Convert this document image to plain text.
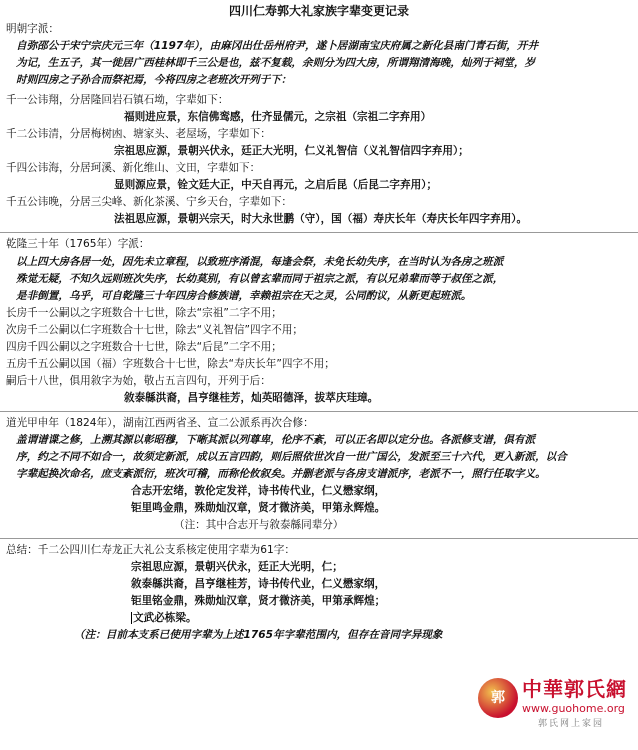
四川仁寿郭大礼家族字辈变更记录
明朝字派：
自弥邵公于宋宁宗庆元三年（1197年），由麻冈出仕岳州府尹，遂卜居湖南宝庆府属之新化县南门青石街，开井
为记，生五子，其一徙居广西桂林即千三公是也，兹不复载，余则分为四大房，所谓翔清海晚，灿列于祠堂，岁
时则四房之子孙合而祭祀焉，今将四房之老班次开列于下：
千一公讳翔，分居隆回岩石镇石坳，字辈如下：
福则进应景，东信佛鸾感，仕齐显儒元，之宗祖（宗祖二字弃用）
千二公讳清，分居梅树凼、塘家头、老屋场，字辈如下：
宗祖思应源，景朝兴伏永，廷正大光明，仁义礼智信（义礼智信四字弃用）；
千四公讳海，分居珂溪、新化维山、文田，字辈如下：
显则源应景，铨文廷大正，中天自再元，之启后昆（后昆二字弃用）；
千五公讳晚，分居三尖峰、新化茶溪、宁乡天台，字辈如下：
法祖思应源，景朝兴宗天，时大永世鹏（守），国（福）寿庆长年（寿庆长年四字弃用）。
乾隆三十年（1765年）字派：
以上四大房各居一处，因先未立章程，以致班序淆混，每逢会祭，未免长幼失序，在当时认为各房之班派
殊觉无疑，不知久远则班次失序，长幼莫别，有以曾玄辈而同于祖宗之派，有以兄弟辈而等于叔侄之派，
是非倒置，乌乎，可自乾隆三十年四房合修族谱，幸赖祖宗在天之灵，公同酌议，从新更起班派。
长房千一公嗣以之字班数合十七世，除去“宗祖”二字不用；
次房千二公嗣以仁字班数合十七世，除去“义礼智信”四字不用；
四房千四公嗣以之字班数合十七世，除去“后昆”二字不用；
五房千五公嗣以国（福）字班数合十七世，除去“寿庆长年”四字不用；
嗣后十八世，俱用敘字为始，敬占五言四句，开列于后：
敘泰緜洪裔，昌亨继桂芳，灿英昭德泽，拔萃庆珪璋。
道光甲申年（1824年），湖南江西两省圣、宣二公派系再次合修：
盖谓谱谍之修，上溯其源以彰昭穆，下晰其派以列尊卑，伦序不紊，可以正名即以定分也。各派修支谱，俱有派
序，约之不同不如合一，故须定新派，成以五言四韵，则后照依世次自一世广国公，发派至三十六代，更入新派，以合
字辈起换次命名，庶支紊派衍，班次可稽，而称伦攸叙矣。并删老派与各房支谱派序，老派不一，照行任取字义。
合志开宏绪，敦伦定发祥，诗书传代业，仁义懋家纲，
钜里鸣金鼎，殊勋灿汉章，贤才微济美，甲第永辉煌。
（注：其中合志开与敘泰緜同辈分）
总结：千二公四川仁寿龙正大礼公支系核定使用字辈为61字：
宗祖思应源，景朝兴伏永，廷正大光明，仁；
敘泰緜洪裔，昌亨继桂芳，诗书传代业，仁义懋家纲，
钜里铭金鼎，殊勋灿汉章，贤才微济美，甲第承辉煌；
文武必栋梁。
（注：目前本支系已使用字辈为上述1765年字辈范围内，但存在音同字异现象
郭 中華郭氏網
www.guohome.org
郭氏网上家园
